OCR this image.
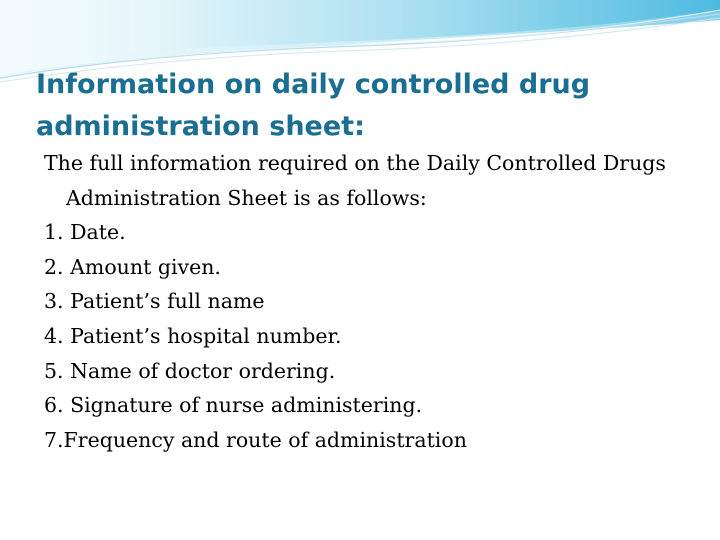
Information on daily controlled drug administration sheet:

The full information required on the Daily Controlled Drugs Administration Sheet is as follows:

1. Date.
2. Amount given.
3. Patient’s full name
4. Patient’s hospital number.
5. Name of doctor ordering.
6. Signature of nurse administering.
7.Frequency and route of administration
